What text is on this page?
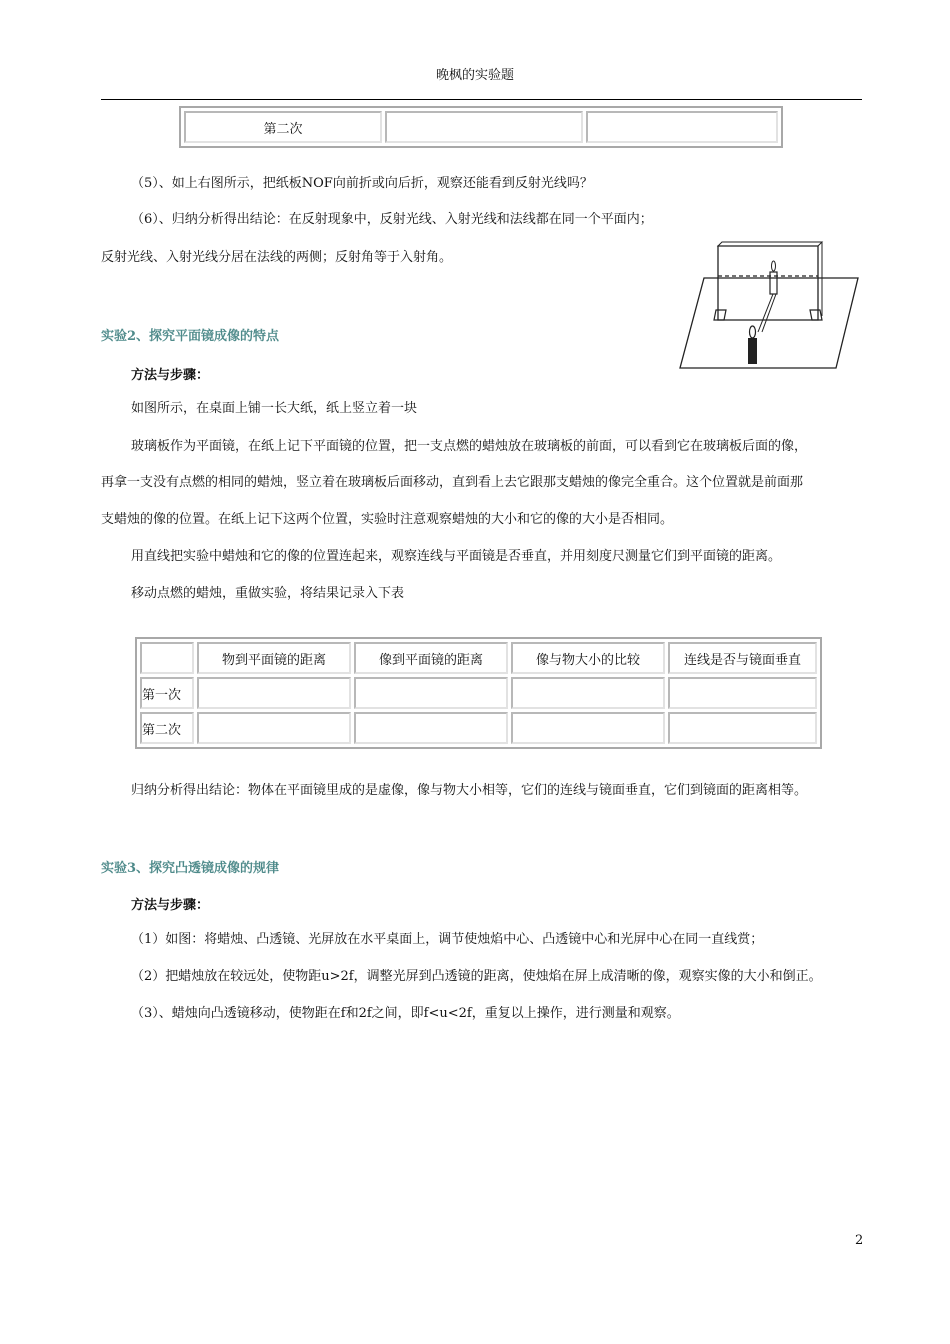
晚枫的实验题
第二次		
（5）、如上右图所示，把纸板NOF向前折或向后折，观察还能看到反射光线吗？
（6）、归纳分析得出结论：在反射现象中，反射光线、入射光线和法线都在同一个平面内；
反射光线、入射光线分居在法线的两侧；反射角等于入射角。
实验2、探究平面镜成像的特点
方法与步骤：
如图所示，在桌面上铺一长大纸，纸上竖立着一块
玻璃板作为平面镜，在纸上记下平面镜的位置，把一支点燃的蜡烛放在玻璃板的前面，可以看到它在玻璃板后面的像，
再拿一支没有点燃的相同的蜡烛，竖立着在玻璃板后面移动，直到看上去它跟那支蜡烛的像完全重合。这个位置就是前面那
支蜡烛的像的位置。在纸上记下这两个位置，实验时注意观察蜡烛的大小和它的像的大小是否相同。
用直线把实验中蜡烛和它的像的位置连起来，观察连线与平面镜是否垂直，并用刻度尺测量它们到平面镜的距离。
移动点燃的蜡烛，重做实验，将结果记录入下表
	物到平面镜的距离	像到平面镜的距离	像与物大小的比较	连线是否与镜面垂直
第一次				
第二次				
归纳分析得出结论：物体在平面镜里成的是虚像，像与物大小相等，它们的连线与镜面垂直，它们到镜面的距离相等。
实验3、探究凸透镜成像的规律
方法与步骤：
（1）如图：将蜡烛、凸透镜、光屏放在水平桌面上，调节使烛焰中心、凸透镜中心和光屏中心在同一直线赏；
（2）把蜡烛放在较远处，使物距u>2f，调整光屏到凸透镜的距离，使烛焰在屏上成清晰的像，观察实像的大小和倒正。
（3）、蜡烛向凸透镜移动，使物距在f和2f之间，即f<u<2f，重复以上操作，进行测量和观察。
2
